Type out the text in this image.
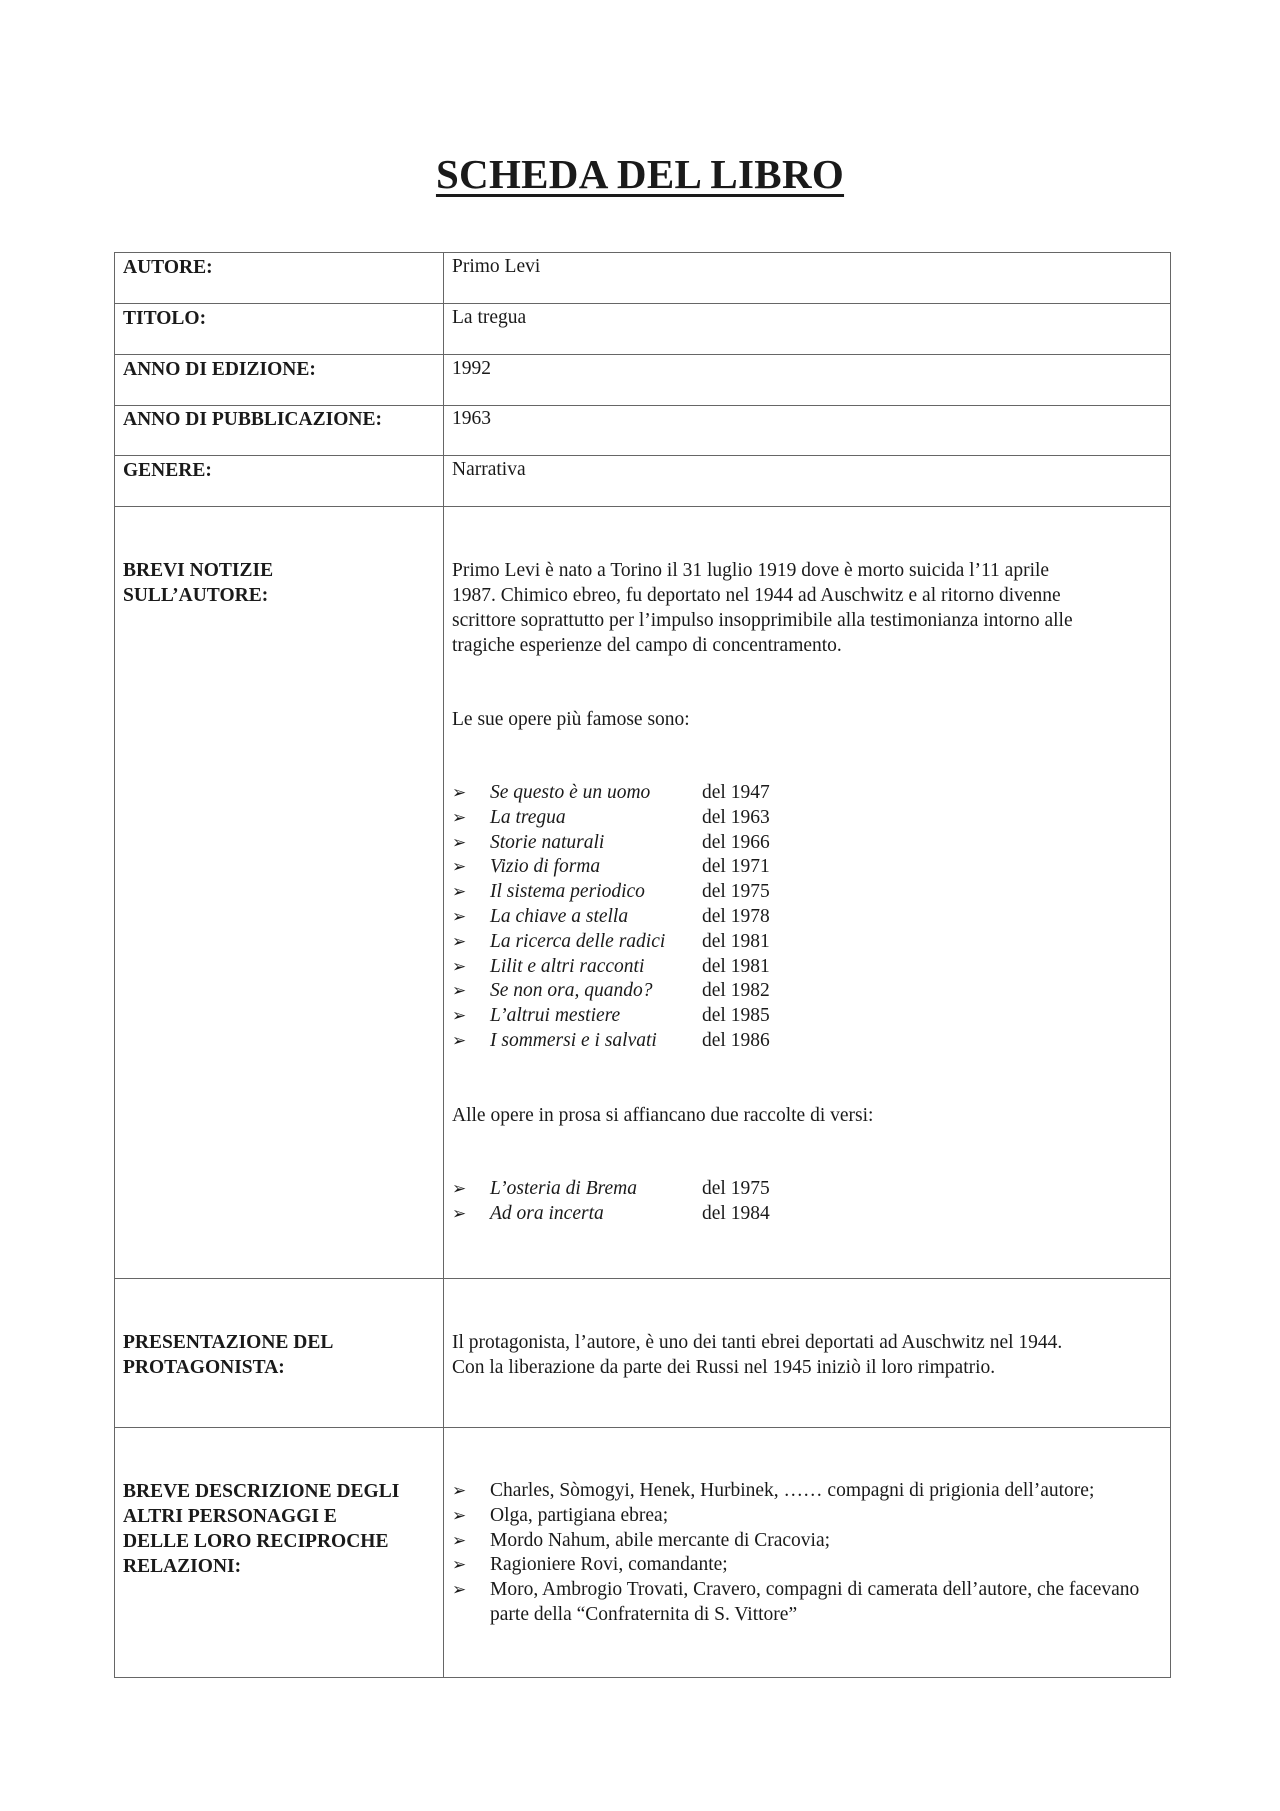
SCHEDA DEL LIBRO
AUTORE:	Primo Levi
TITOLO:	La tregua
ANNO DI EDIZIONE:	1992
ANNO DI PUBBLICAZIONE:	1963
GENERE:	Narrativa
BREVI NOTIZIE
SULL’AUTORE:

Primo Levi è nato a Torino il 31 luglio 1919 dove è morto suicida l’11 aprile

1987. Chimico ebreo, fu deportato nel 1944 ad Auschwitz e al ritorno divenne

scrittore soprattutto per l’impulso insopprimibile alla testimonianza intorno alle

tragiche esperienze del campo di concentramento.

Le sue opere più famose sono:

➢ Se questo è un uomo	del 1947
➢ La tregua	del 1963
➢ Storie naturali	del 1966
➢ Vizio di forma	del 1971
➢ Il sistema periodico	del 1975
➢ La chiave a stella	del 1978
➢ La ricerca delle radici del 1981
➢ Lilit e altri racconti	del 1981
➢ Se non ora, quando?	del 1982
➢ L’altrui mestiere	del 1985
➢ I sommersi e i salvati del 1986

Alle opere in prosa si affiancano due raccolte di versi:

➢ L’osteria di Brema	del 1975
➢ Ad ora incerta	del 1984
PRESENTAZIONE DEL
PROTAGONISTA:

Il protagonista, l’autore, è uno dei tanti ebrei deportati ad Auschwitz nel 1944.

Con la liberazione da parte dei Russi nel 1945 iniziò il loro rimpatrio.

BREVE DESCRIZIONE DEGLI
ALTRI PERSONAGGI E
DELLE LORO RECIPROCHE
RELAZIONI:
➢ Charles, Sòmogyi, Henek, Hurbinek, …… compagni di prigionia dell’autore;
➢ Olga, partigiana ebrea;
➢ Mordo Nahum, abile mercante di Cracovia;
➢ Ragioniere Rovi, comandante;
➢ Moro, Ambrogio Trovati, Cravero, compagni di camerata dell’autore, che facevano parte della “Confraternita di S. Vittore”
